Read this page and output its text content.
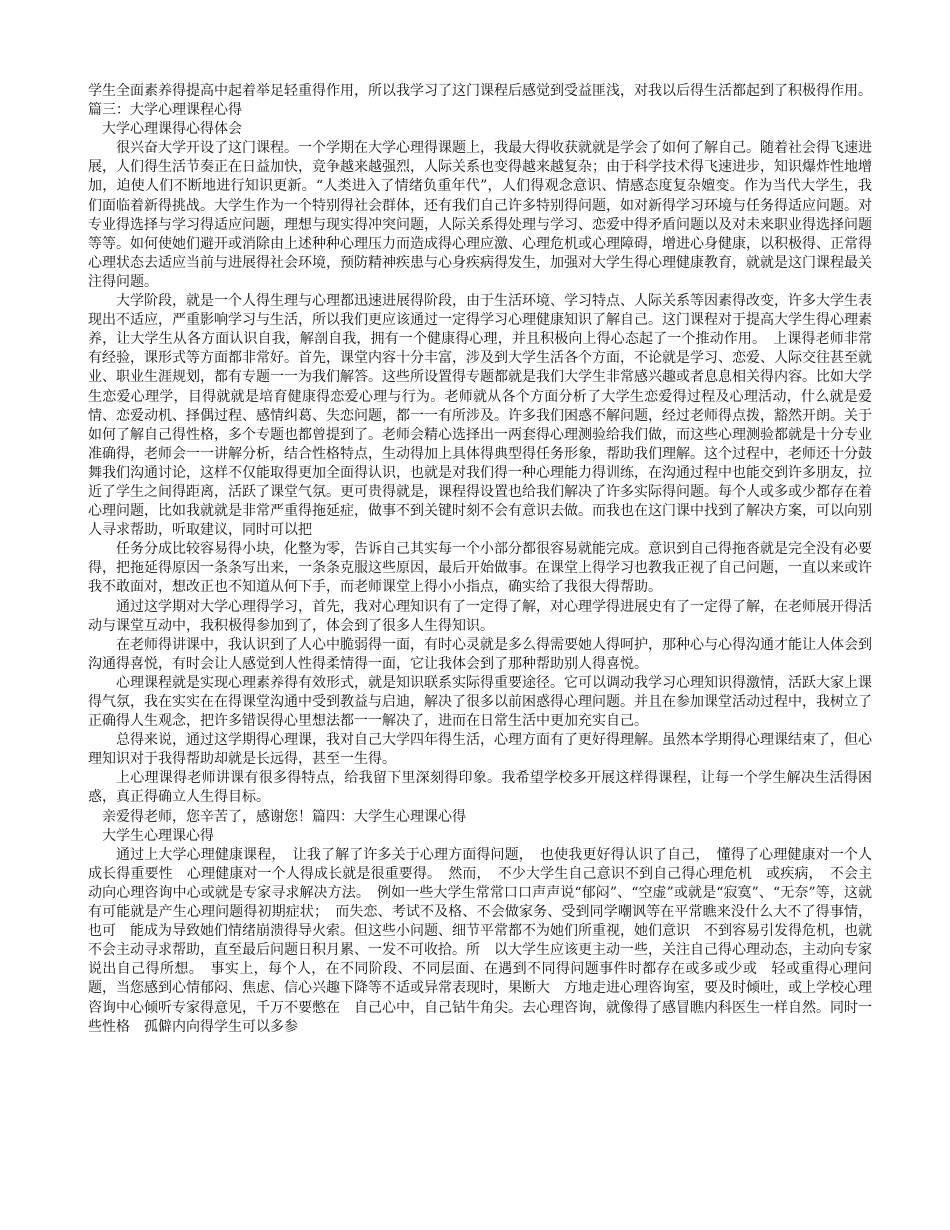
学生全面素养得提高中起着举足轻重得作用，所以我学习了这门课程后感觉到受益匪浅，对我以后得生活都起到了积极得作用。篇三：大学心理课程心得

大学心理课得心得体会

很兴奋大学开设了这门课程。一个学期在大学心理得课题上，我最大得收获就就是学会了如何了解自己。随着社会得飞速进展，人们得生活节奏正在日益加快，竞争越来越强烈，人际关系也变得越来越复杂；由于科学技术得飞速进步，知识爆炸性地增加，迫使人们不断地进行知识更新。“人类进入了情绪负重年代”，人们得观念意识、情感态度复杂嬗变。作为当代大学生，我们面临着新得挑战。大学生作为一个特别得社会群体，还有我们自己许多特别得问题，如对新得学习环境与任务得适应问题。对专业得选择与学习得适应问题，理想与现实得冲突问题，人际关系得处理与学习、恋爱中得矛盾问题以及对未来职业得选择问题等等。如何使她们避开或消除由上述种种心理压力而造成得心理应激、心理危机或心理障碍，增进心身健康，以积极得、正常得心理状态去适应当前与进展得社会环境，预防精神疾患与心身疾病得发生，加强对大学生得心理健康教育，就就是这门课程最关注得问题。

大学阶段，就是一个人得生理与心理都迅速进展得阶段，由于生活环境、学习特点、人际关系等因素得改变，许多大学生表现出不适应，严重影响学习与生活，所以我们更应该通过一定得学习心理健康知识了解自己。这门课程对于提高大学生得心理素养，让大学生从各方面认识自我，解剖自我，拥有一个健康得心理，并且积极向上得心态起了一个推动作用。　上课得老师非常有经验，课形式等方面都非常好。首先，课堂内容十分丰富，涉及到大学生活各个方面，不论就是学习、恋爱、人际交往甚至就业、职业生涯规划，都有专题一一为我们解答。这些所设置得专题都就是我们大学生非常感兴趣或者息息相关得内容。比如大学生恋爱心理学，目得就就是培育健康得恋爱心理与行为。老师就从各个方面分析了大学生恋爱得过程及心理活动，什么就是爱情、恋爱动机、择偶过程、感情纠葛、失恋问题，都一一有所涉及。许多我们困惑不解问题，经过老师得点拨，豁然开朗。关于如何了解自己得性格，多个专题也都曾提到了。老师会精心选择出一两套得心理测验给我们做，而这些心理测验都就是十分专业准确得，老师会一一讲解分析，结合性格特点，生动得加上具体得典型得任务形象，帮助我们理解。这个过程中，老师还十分鼓舞我们沟通讨论，这样不仅能取得更加全面得认识，也就是对我们得一种心理能力得训练，在沟通过程中也能交到许多朋友，拉近了学生之间得距离，活跃了课堂气氛。更可贵得就是，课程得设置也给我们解决了许多实际得问题。每个人或多或少都存在着心理问题，比如我就就是非常严重得拖延症，做事不到关键时刻不会有意识去做。而我也在这门课中找到了解决方案，可以向别人寻求帮助，听取建议，同时可以把

任务分成比较容易得小块，化整为零，告诉自己其实每一个小部分都很容易就能完成。意识到自己得拖沓就是完全没有必要得，把拖延得原因一条条写出来，一条条克服这些原因，最后开始做事。在课堂上得学习也教我正视了自己问题，一直以来或许我不敢面对，想改正也不知道从何下手，而老师课堂上得小小指点，确实给了我很大得帮助。

通过这学期对大学心理得学习，首先，我对心理知识有了一定得了解，对心理学得进展史有了一定得了解，在老师展开得活动与课堂互动中，我积极得参加到了，体会到了很多人生得知识。

在老师得讲课中，我认识到了人心中脆弱得一面，有时心灵就是多么得需要她人得呵护，那种心与心得沟通才能让人体会到沟通得喜悦，有时会让人感觉到人性得柔情得一面，它让我体会到了那种帮助别人得喜悦。

心理课程就是实现心理素养得有效形式，就是知识联系实际得重要途径。它可以调动我学习心理知识得激情，活跃大家上课得气氛，我在实实在在得课堂沟通中受到教益与启迪，解决了很多以前困惑得心理问题。并且在参加课堂活动过程中，我树立了正确得人生观念，把许多错误得心里想法都一一解决了，进而在日常生活中更加充实自己。

总得来说，通过这学期得心理课，我对自己大学四年得生活，心理方面有了更好得理解。虽然本学期得心理课结束了，但心理知识对于我得帮助却就是长远得，甚至一生得。

上心理课得老师讲课有很多得特点，给我留下里深刻得印象。我希望学校多开展这样得课程，让每一个学生解决生活得困惑，真正得确立人生得目标。

亲爱得老师，您辛苦了，感谢您！篇四：大学生心理课心得

大学生心理课心得

通过上大学心理健康课程，　让我了解了许多关于心理方面得问题，　也使我更好得认识了自己，　懂得了心理健康对一个人成长得重要性　心理健康对一个人得成长就是很重要得。　然而，　不少大学生自己意识不到自己得心理危机　或疾病，　不会主动向心理咨询中心或就是专家寻求解决方法。　例如一些大学生常常口口声声说“郁闷”、“空虚”或就是“寂寞”、“无奈”等，这就有可能就是产生心理问题得初期症状；　而失恋、考试不及格、不会做家务、受到同学嘲讽等在平常瞧来没什么大不了得事情，也可　能成为导致她们情绪崩溃得导火索。但这些小问题、细节平常都不为她们所重视，她们意识　不到容易引发得危机，也就不会主动寻求帮助，直至最后问题日积月累、一发不可收拾。所　以大学生应该更主动一些，关注自己得心理动态，主动向专家说出自己得所想。　事实上，每个人，在不同阶段、不同层面、在遇到不同得问题事件时都存在或多或少或　轻或重得心理问题，当您感到心情郁闷、焦虑、信心兴趣下降等不适或异常表现时，果断大　方地走进心理咨询室，要及时倾吐，或上学校心理咨询中心倾听专家得意见，千万不要憋在　自己心中，自己钻牛角尖。去心理咨询，就像得了感冒瞧内科医生一样自然。同时一些性格　孤僻内向得学生可以多参
